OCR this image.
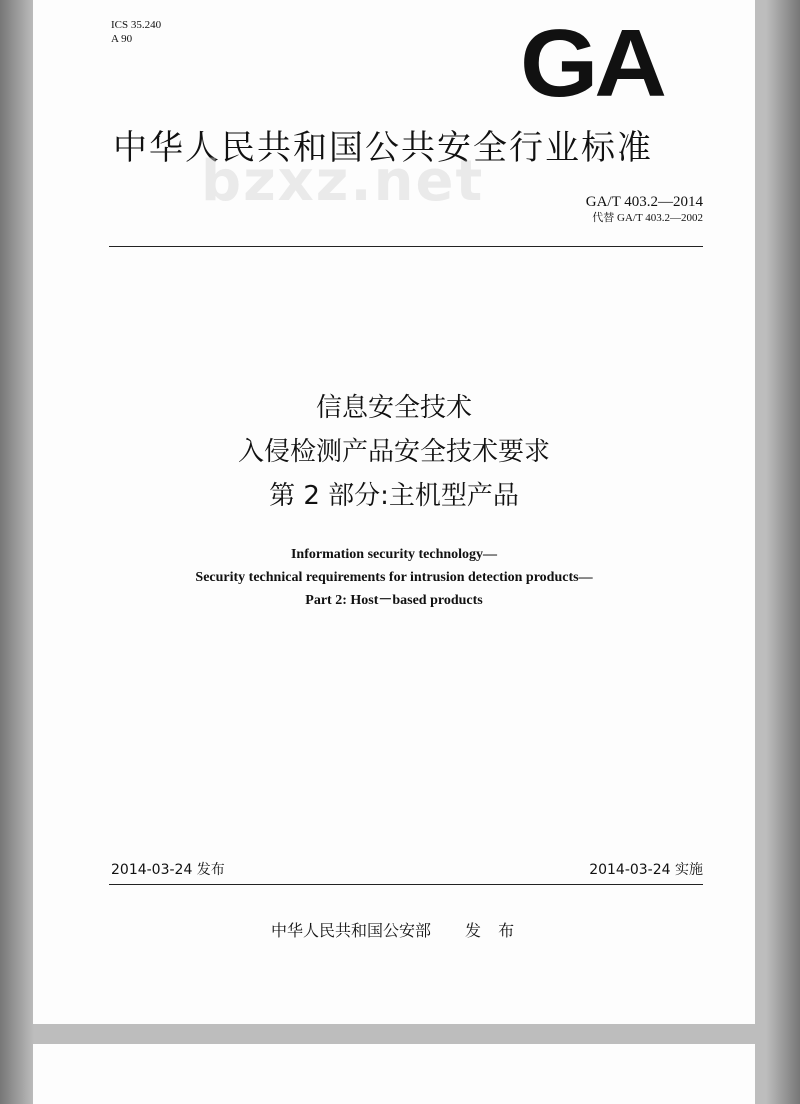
ICS 35.240
A 90	GA
中华人民共和国公共安全行业标准
bzxz.net	GA/T 403.2—2014
代替 GA/T 403.2—2002
信息安全技术
入侵检测产品安全技术要求
第 2 部分:主机型产品
Information security technology—
Security technical requirements for intrusion detection products—
Part 2: Host－based products
2014-03-24 发布	2014-03-24 实施
中华人民共和国公安部 发 布
